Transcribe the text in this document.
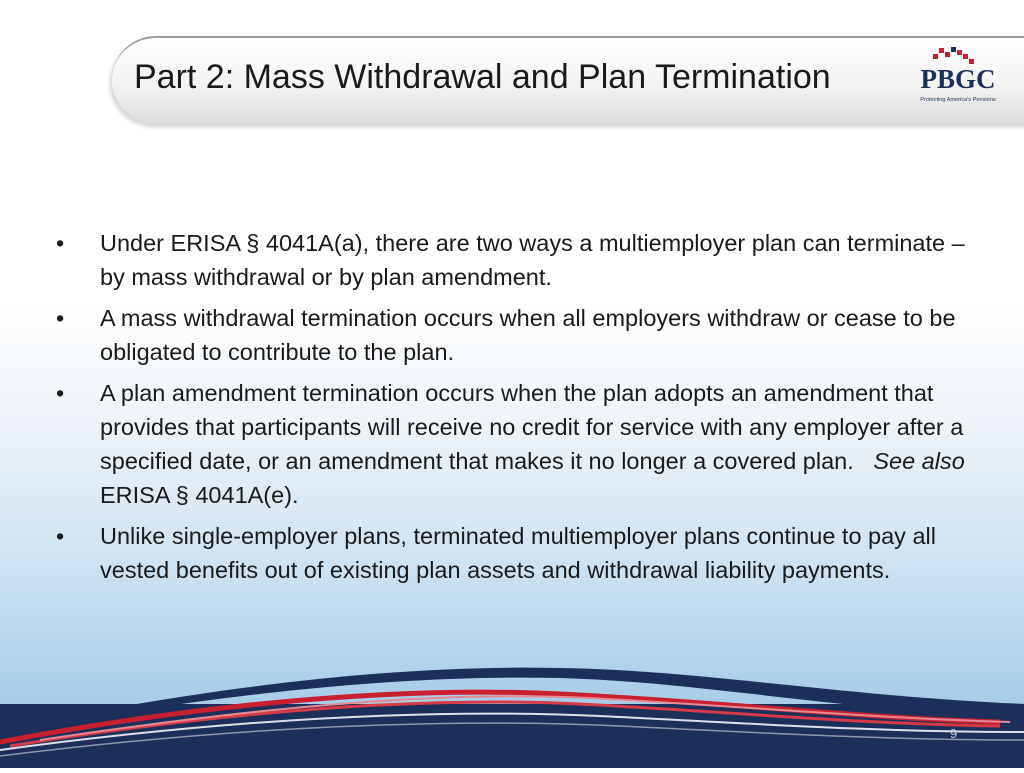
Part 2: Mass Withdrawal and Plan Termination	PBGC
Protecting America's Pensions
• Under ERISA § 4041A(a), there are two ways a multiemployer plan can terminate – by mass withdrawal or by plan amendment.
• A mass withdrawal termination occurs when all employers withdraw or cease to be obligated to contribute to the plan.
• A plan amendment termination occurs when the plan adopts an amendment that provides that participants will receive no credit for service with any employer after a specified date, or an amendment that makes it no longer a covered plan.   See also ERISA § 4041A(e).
• Unlike single-employer plans, terminated multiemployer plans continue to pay all vested benefits out of existing plan assets and withdrawal liability payments.
9
